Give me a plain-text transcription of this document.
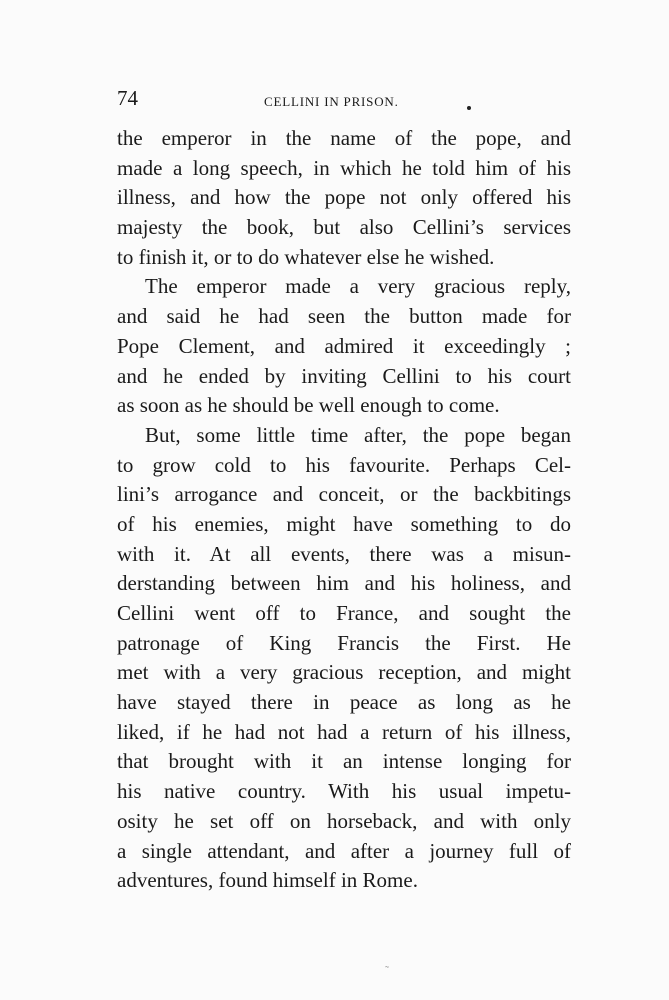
74	CELLINI IN PRISON.
the emperor in the name of the pope, and
made a long speech, in which he told him of his
illness, and how the pope not only offered his
majesty the book, but also Cellini’s services
to finish it, or to do whatever else he wished.
The emperor made a very gracious reply,
and said he had seen the button made for
Pope Clement, and admired it exceedingly ;
and he ended by inviting Cellini to his court
as soon as he should be well enough to come.
But, some little time after, the pope began
to grow cold to his favourite. Perhaps Cel-
lini’s arrogance and conceit, or the backbitings
of his enemies, might have something to do
with it. At all events, there was a misun-
derstanding between him and his holiness, and
Cellini went off to France, and sought the
patronage of King Francis the First. He
met with a very gracious reception, and might
have stayed there in peace as long as he
liked, if he had not had a return of his illness,
that brought with it an intense longing for
his native country. With his usual impetu-
osity he set off on horseback, and with only
a single attendant, and after a journey full of
adventures, found himself in Rome.
˜
